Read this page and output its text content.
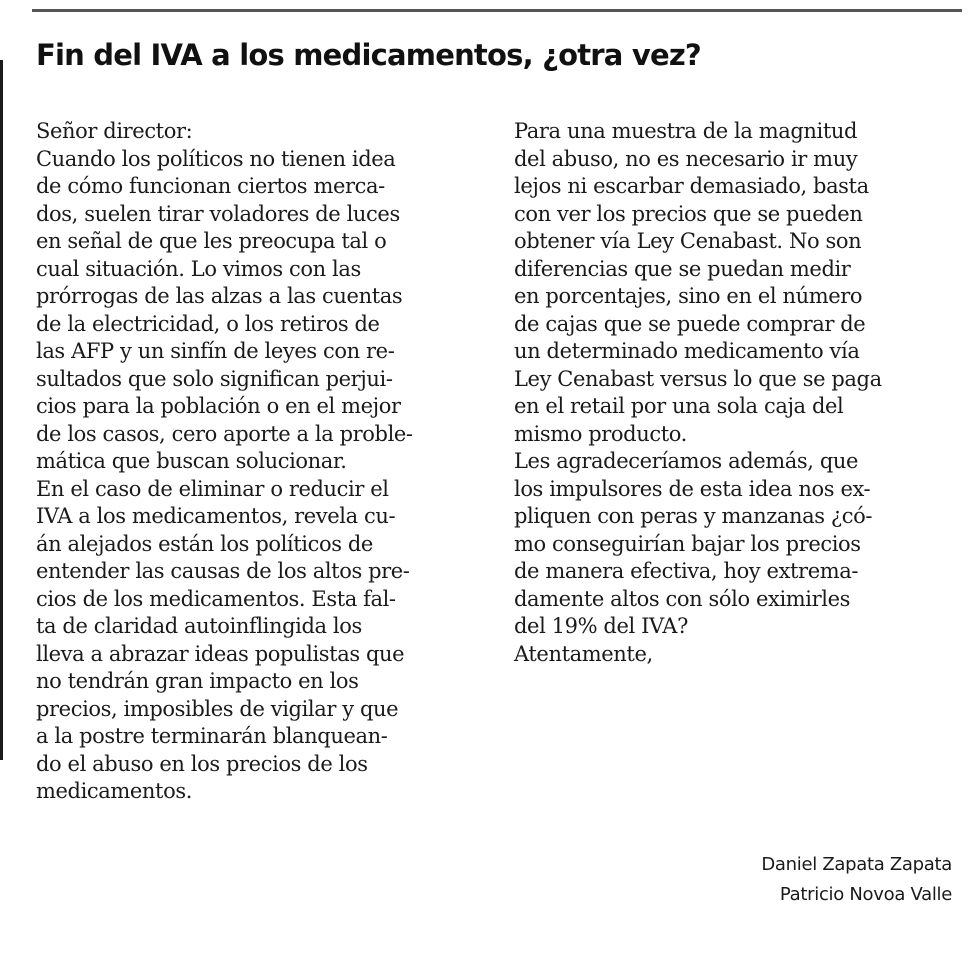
Fin del IVA a los medicamentos, ¿otra vez?
Señor director:
Cuando los políticos no tienen idea
de cómo funcionan ciertos merca-
dos, suelen tirar voladores de luces
en señal de que les preocupa tal o
cual situación. Lo vimos con las
prórrogas de las alzas a las cuentas
de la electricidad, o los retiros de
las AFP y un sinfín de leyes con re-
sultados que solo significan perjui-
cios para la población o en el mejor
de los casos, cero aporte a la proble-
mática que buscan solucionar.
En el caso de eliminar o reducir el
IVA a los medicamentos, revela cu-
án alejados están los políticos de
entender las causas de los altos pre-
cios de los medicamentos. Esta fal-
ta de claridad autoinflingida los
lleva a abrazar ideas populistas que
no tendrán gran impacto en los
precios, imposibles de vigilar y que
a la postre terminarán blanquean-
do el abuso en los precios de los
medicamentos.
Para una muestra de la magnitud
del abuso, no es necesario ir muy
lejos ni escarbar demasiado, basta
con ver los precios que se pueden
obtener vía Ley Cenabast. No son
diferencias que se puedan medir
en porcentajes, sino en el número
de cajas que se puede comprar de
un determinado medicamento vía
Ley Cenabast versus lo que se paga
en el retail por una sola caja del
mismo producto.
Les agradeceríamos además, que
los impulsores de esta idea nos ex-
pliquen con peras y manzanas ¿có-
mo conseguirían bajar los precios
de manera efectiva, hoy extrema-
damente altos con sólo eximirles
del 19% del IVA?
Atentamente,
Daniel Zapata Zapata
Patricio Novoa Valle
